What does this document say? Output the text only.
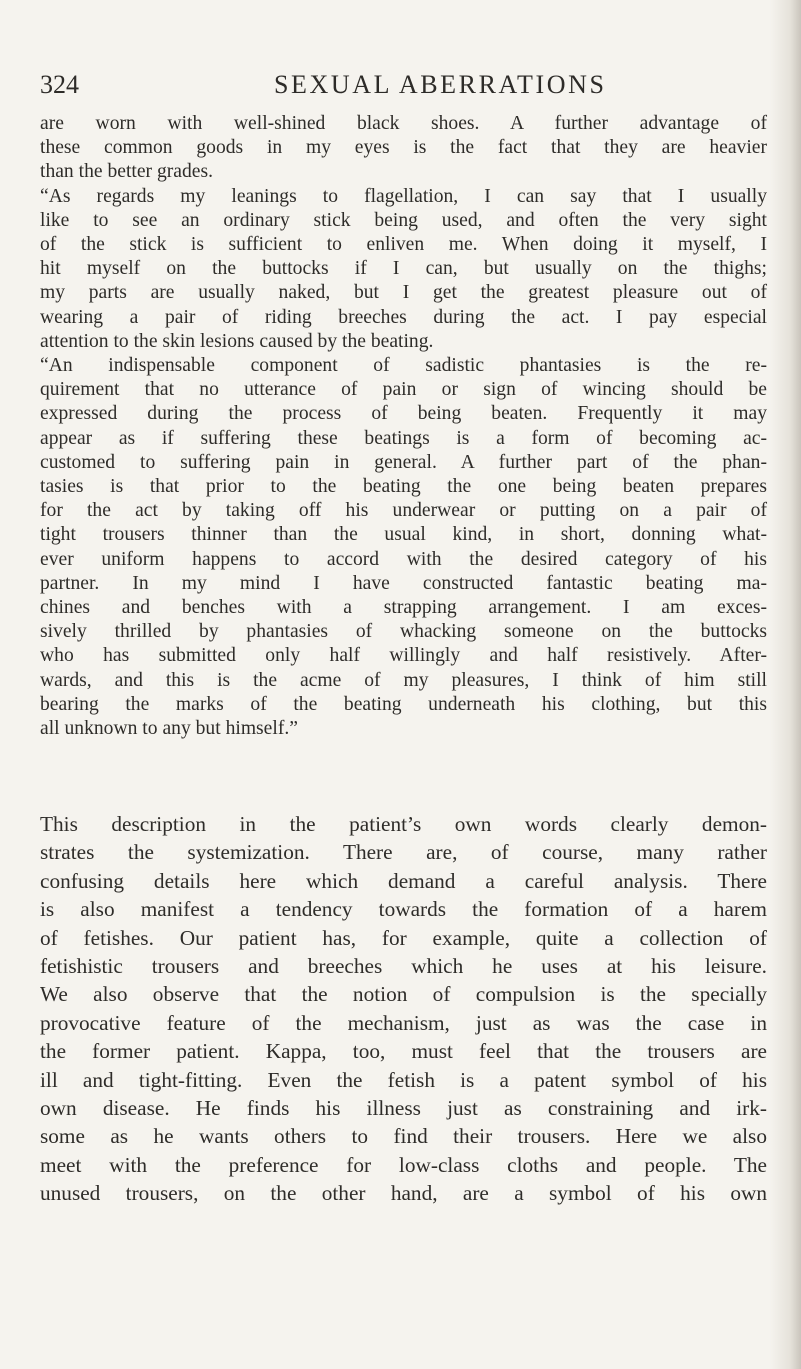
324	SEXUAL ABERRATIONS
are worn with well-shined black shoes. A further advantage of
these common goods in my eyes is the fact that they are heavier
than the better grades.
“As regards my leanings to flagellation, I can say that I usually
like to see an ordinary stick being used, and often the very sight
of the stick is sufficient to enliven me. When doing it myself, I
hit myself on the buttocks if I can, but usually on the thighs;
my parts are usually naked, but I get the greatest pleasure out of
wearing a pair of riding breeches during the act. I pay especial
attention to the skin lesions caused by the beating.
“An indispensable component of sadistic phantasies is the re-
quirement that no utterance of pain or sign of wincing should be
expressed during the process of being beaten. Frequently it may
appear as if suffering these beatings is a form of becoming ac-
customed to suffering pain in general. A further part of the phan-
tasies is that prior to the beating the one being beaten prepares
for the act by taking off his underwear or putting on a pair of
tight trousers thinner than the usual kind, in short, donning what-
ever uniform happens to accord with the desired category of his
partner. In my mind I have constructed fantastic beating ma-
chines and benches with a strapping arrangement. I am exces-
sively thrilled by phantasies of whacking someone on the buttocks
who has submitted only half willingly and half resistively. After-
wards, and this is the acme of my pleasures, I think of him still
bearing the marks of the beating underneath his clothing, but this
all unknown to any but himself.”
This description in the patient’s own words clearly demon-
strates the systemization. There are, of course, many rather
confusing details here which demand a careful analysis. There
is also manifest a tendency towards the formation of a harem
of fetishes. Our patient has, for example, quite a collection of
fetishistic trousers and breeches which he uses at his leisure.
We also observe that the notion of compulsion is the specially
provocative feature of the mechanism, just as was the case in
the former patient. Kappa, too, must feel that the trousers are
ill and tight-fitting. Even the fetish is a patent symbol of his
own disease. He finds his illness just as constraining and irk-
some as he wants others to find their trousers. Here we also
meet with the preference for low-class cloths and people. The
unused trousers, on the other hand, are a symbol of his own
